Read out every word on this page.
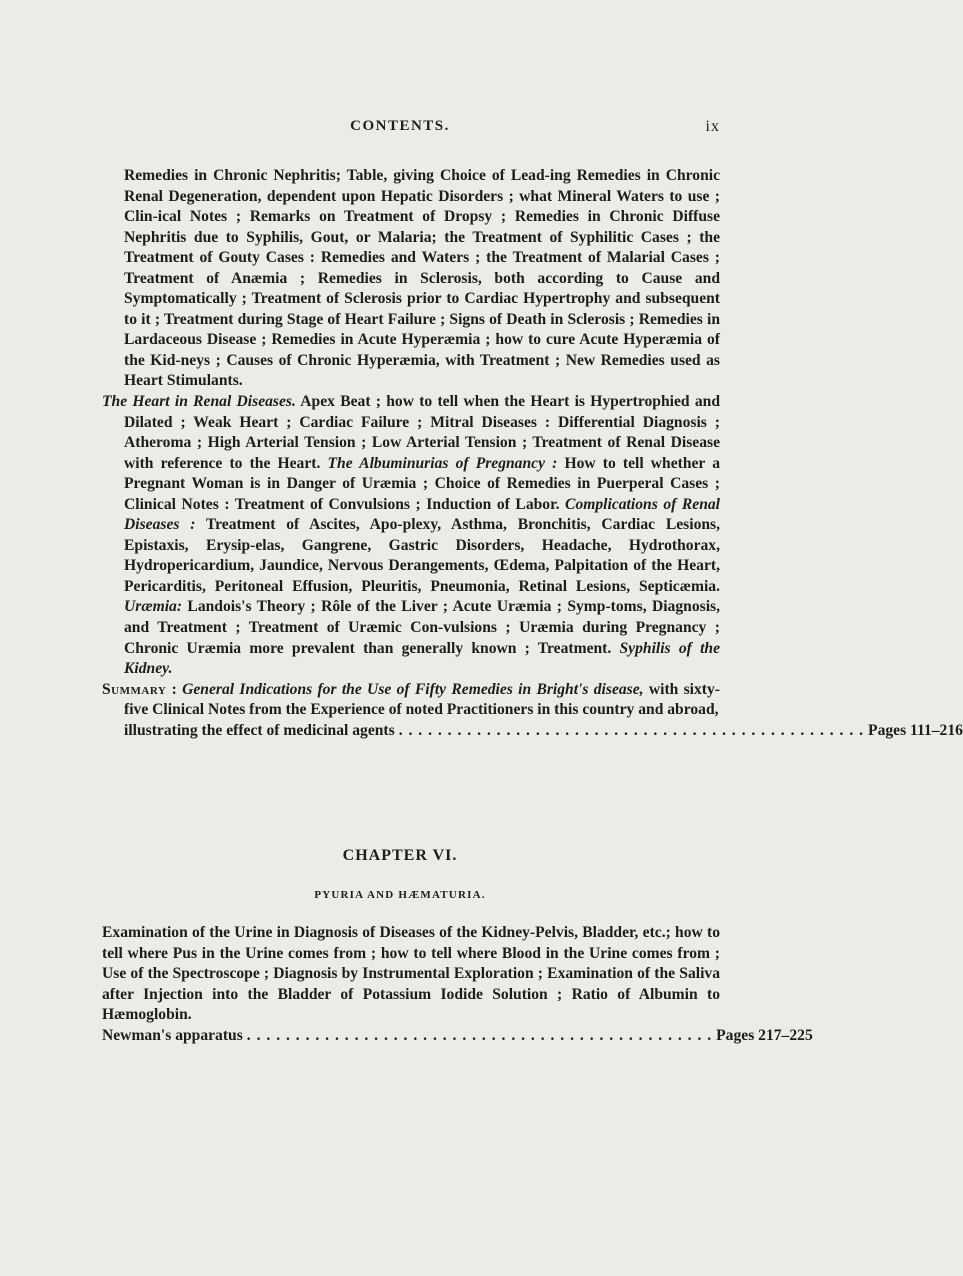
CONTENTS.	ix

Remedies in Chronic Nephritis; Table, giving Choice of Lead-ing Remedies in Chronic Renal Degeneration, dependent upon Hepatic Disorders ; what Mineral Waters to use ; Clin-ical Notes ; Remarks on Treatment of Dropsy ; Remedies in Chronic Diffuse Nephritis due to Syphilis, Gout, or Malaria; the Treatment of Syphilitic Cases ; the Treatment of Gouty Cases : Remedies and Waters ; the Treatment of Malarial Cases ; Treatment of Anæmia ; Remedies in Sclerosis, both according to Cause and Symptomatically ; Treatment of Sclerosis prior to Cardiac Hypertrophy and subsequent to it ; Treatment during Stage of Heart Failure ; Signs of Death in Sclerosis ; Remedies in Lardaceous Disease ; Remedies in Acute Hyperæmia ; how to cure Acute Hyperæmia of the Kid-neys ; Causes of Chronic Hyperæmia, with Treatment ; New Remedies used as Heart Stimulants.

The Heart in Renal Diseases. Apex Beat ; how to tell when the Heart is Hypertrophied and Dilated ; Weak Heart ; Cardiac Failure ; Mitral Diseases : Differential Diagnosis ; Atheroma ; High Arterial Tension ; Low Arterial Tension ; Treatment of Renal Disease with reference to the Heart. The Albuminurias of Pregnancy : How to tell whether a Pregnant Woman is in Danger of Uræmia ; Choice of Remedies in Puerperal Cases ; Clinical Notes : Treatment of Convulsions ; Induction of Labor. Complications of Renal Diseases : Treatment of Ascites, Apo-plexy, Asthma, Bronchitis, Cardiac Lesions, Epistaxis, Erysip-elas, Gangrene, Gastric Disorders, Headache, Hydrothorax, Hydropericardium, Jaundice, Nervous Derangements, Œdema, Palpitation of the Heart, Pericarditis, Peritoneal Effusion, Pleuritis, Pneumonia, Retinal Lesions, Septicæmia. Uræmia: Landois's Theory ; Rôle of the Liver ; Acute Uræmia ; Symp-toms, Diagnosis, and Treatment ; Treatment of Uræmic Con-vulsions ; Uræmia during Pregnancy ; Chronic Uræmia more prevalent than generally known ; Treatment. Syphilis of the Kidney.

Summary : General Indications for the Use of Fifty Remedies in Bright's disease, with sixty-five Clinical Notes from the Experience of noted Practitioners in this country and abroad,

illustrating the effect of medicinal agents . . . . . . . . . . . . . . . . . . . . . . . . . . . . . . . . . . . . . . . . . . . . . . . . Pages 111–216
CHAPTER VI.
PYURIA AND HÆMATURIA.

Examination of the Urine in Diagnosis of Diseases of the Kidney-Pelvis, Bladder, etc.; how to tell where Pus in the Urine comes from ; how to tell where Blood in the Urine comes from ; Use of the Spectroscope ; Diagnosis by Instrumental Exploration ; Examination of the Saliva after Injection into the Bladder of Potassium Iodide Solution ; Ratio of Albumin to Hæmoglobin.

Newman's apparatus . . . . . . . . . . . . . . . . . . . . . . . . . . . . . . . . . . . . . . . . . . . . . . . . Pages 217–225
